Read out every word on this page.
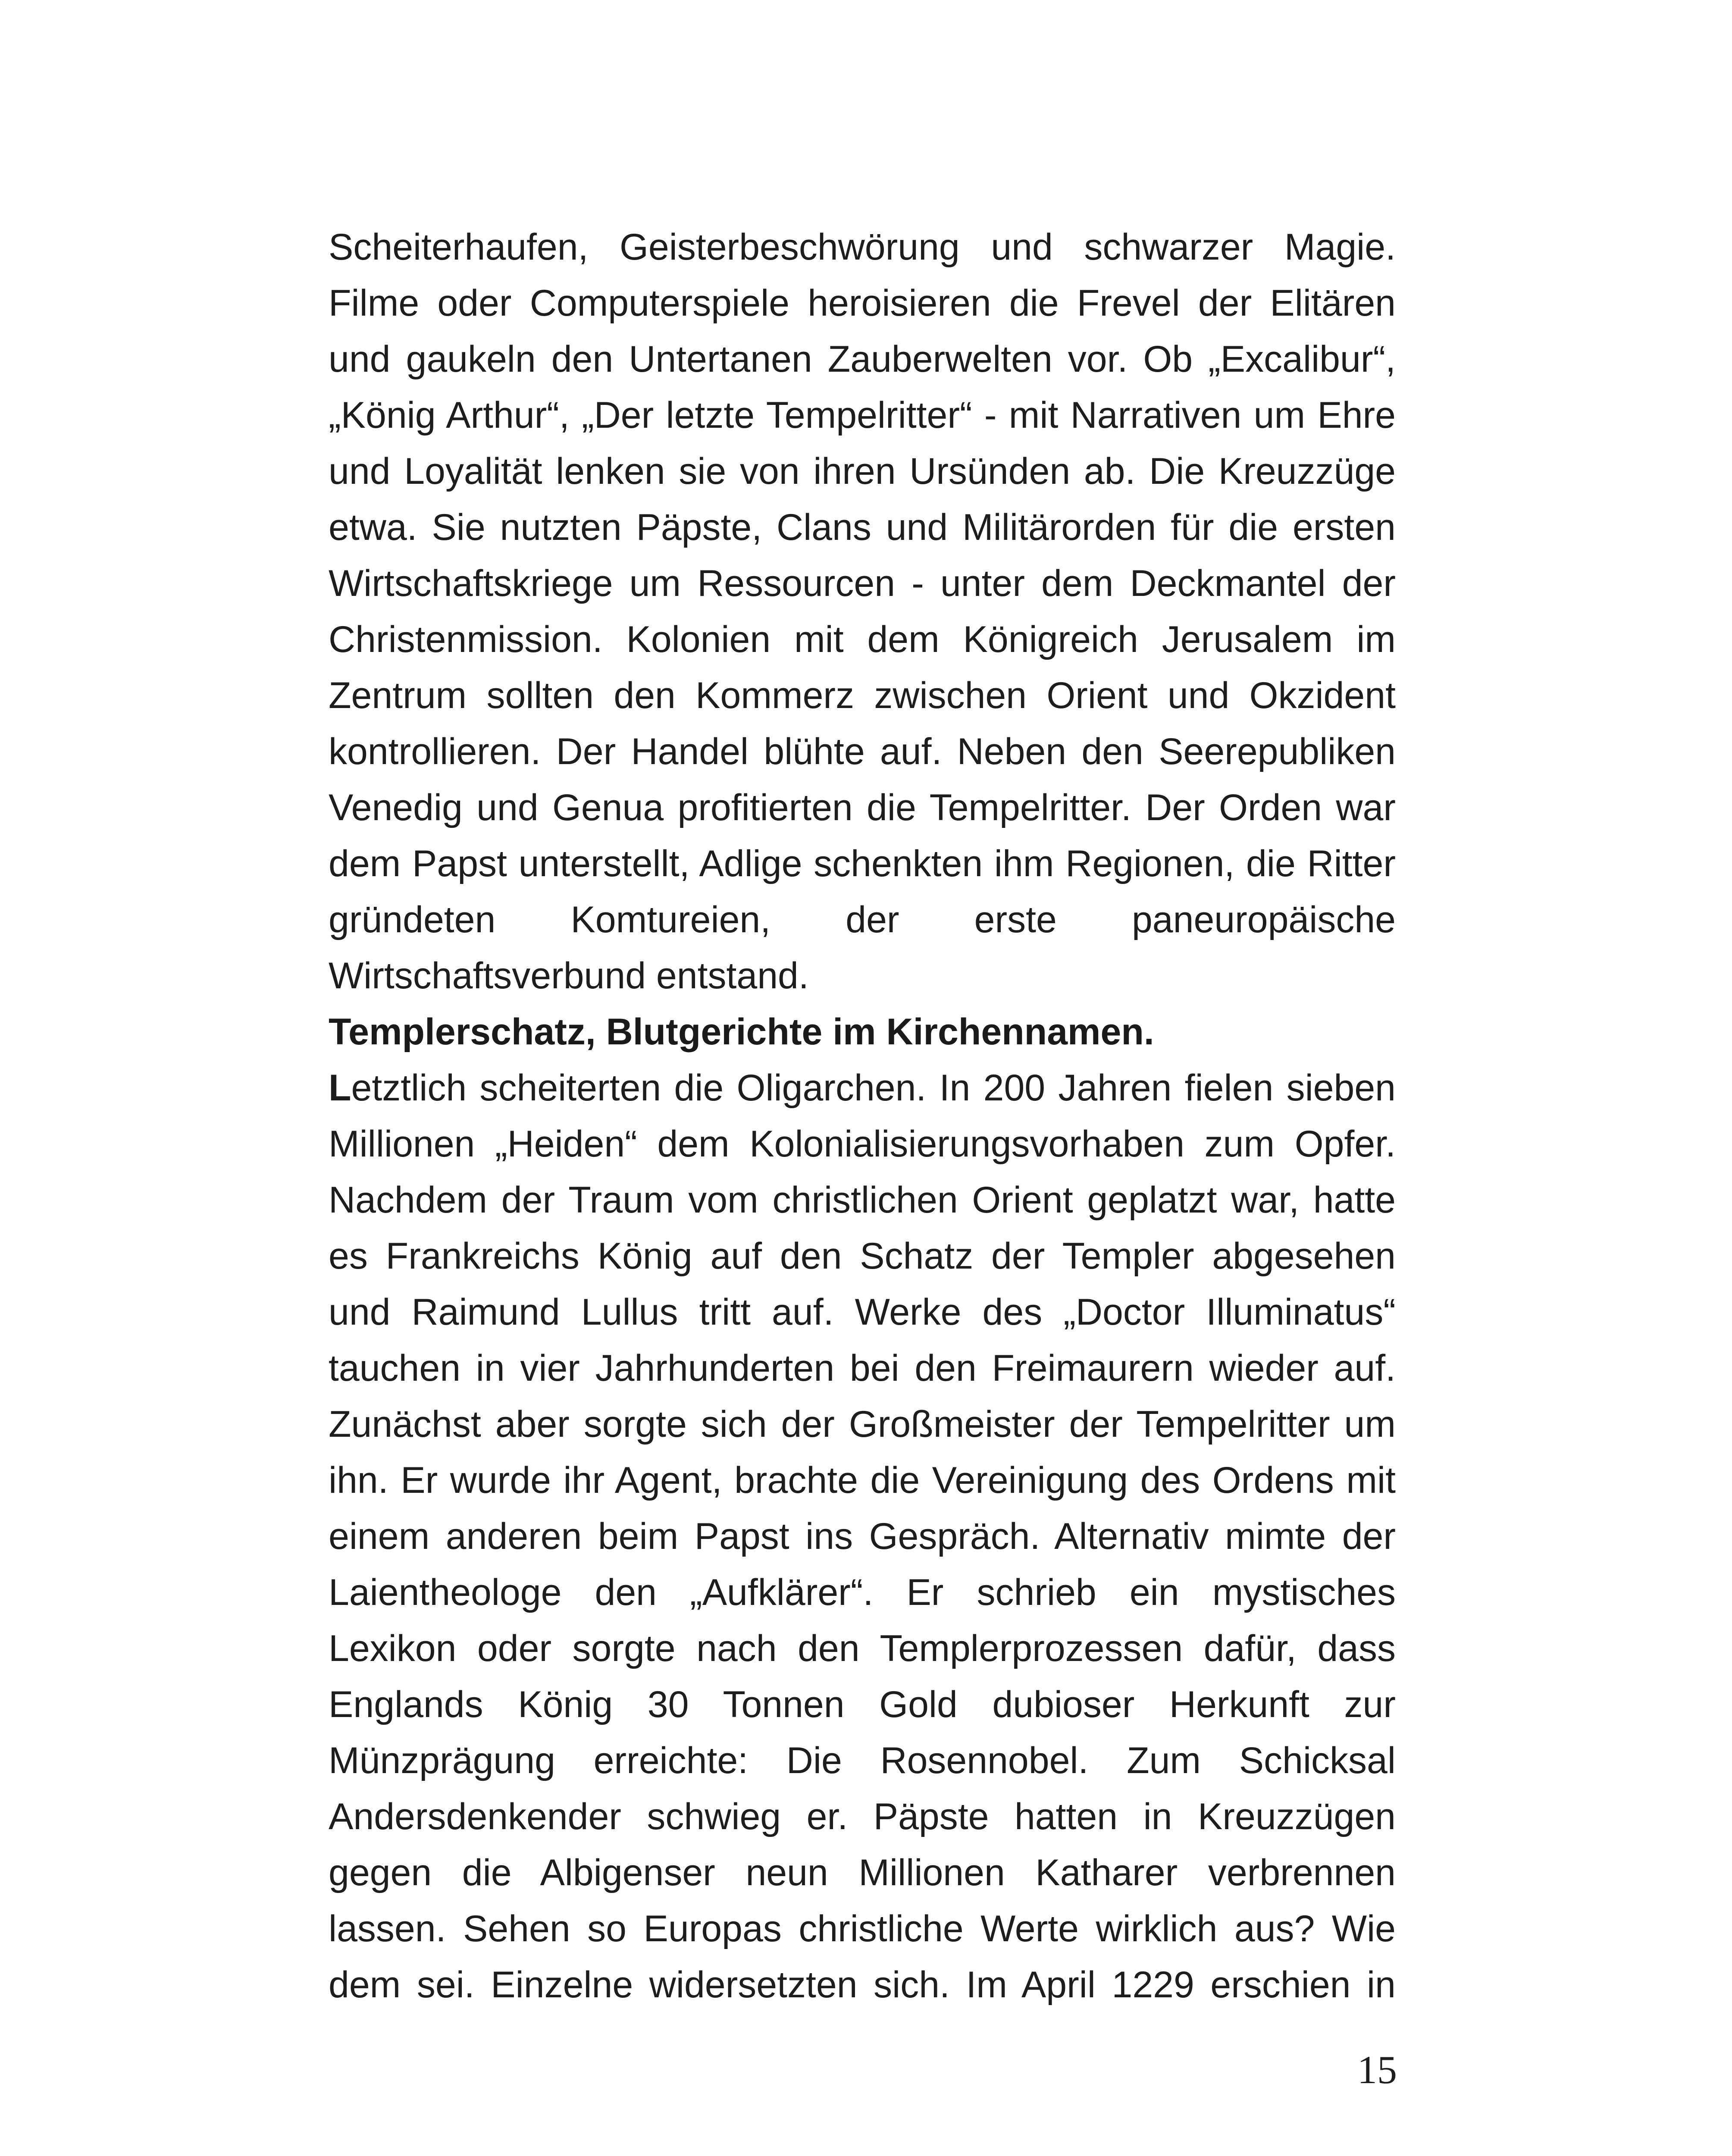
Scheiterhaufen, Geisterbeschwörung und schwarzer Magie. Filme oder Computerspiele heroisieren die Frevel der Elitären und gaukeln den Untertanen Zauberwelten vor. Ob „Excalibur“, „König Arthur“, „Der letzte Tempelritter“ - mit Narrativen um Ehre und Loyalität lenken sie von ihren Ursünden ab. Die Kreuzzüge etwa. Sie nutzten Päpste, Clans und Militärorden für die ersten Wirtschaftskriege um Ressourcen - unter dem Deckmantel der Christenmission. Kolonien mit dem Königreich Jerusalem im Zentrum sollten den Kommerz zwischen Orient und Okzident kontrollieren. Der Handel blühte auf. Neben den Seerepubliken Venedig und Genua profitierten die Tempelritter. Der Orden war dem Papst unterstellt, Adlige schenkten ihm Regionen, die Ritter gründeten Komtureien, der erste paneuropäische Wirtschaftsverbund entstand.

Templerschatz, Blutgerichte im Kirchennamen.

Letztlich scheiterten die Oligarchen. In 200 Jahren fielen sieben Millionen „Heiden“ dem Kolonialisierungsvorhaben zum Opfer. Nachdem der Traum vom christlichen Orient geplatzt war, hatte es Frankreichs König auf den Schatz der Templer abgesehen und Raimund Lullus tritt auf. Werke des „Doctor Illuminatus“ tauchen in vier Jahrhunderten bei den Freimaurern wieder auf. Zunächst aber sorgte sich der Großmeister der Tempelritter um ihn. Er wurde ihr Agent, brachte die Vereinigung des Ordens mit einem anderen beim Papst ins Gespräch. Alternativ mimte der Laientheologe den „Aufklärer“. Er schrieb ein mystisches Lexikon oder sorgte nach den Templerprozessen dafür, dass Englands König 30 Tonnen Gold dubioser Herkunft zur Münzprägung erreichte: Die Rosennobel. Zum Schicksal Andersdenkender schwieg er. Päpste hatten in Kreuzzügen gegen die Albigenser neun Millionen Katharer verbrennen lassen. Sehen so Europas christliche Werte wirklich aus? Wie dem sei. Einzelne widersetzten sich. Im April 1229 erschien in

15
